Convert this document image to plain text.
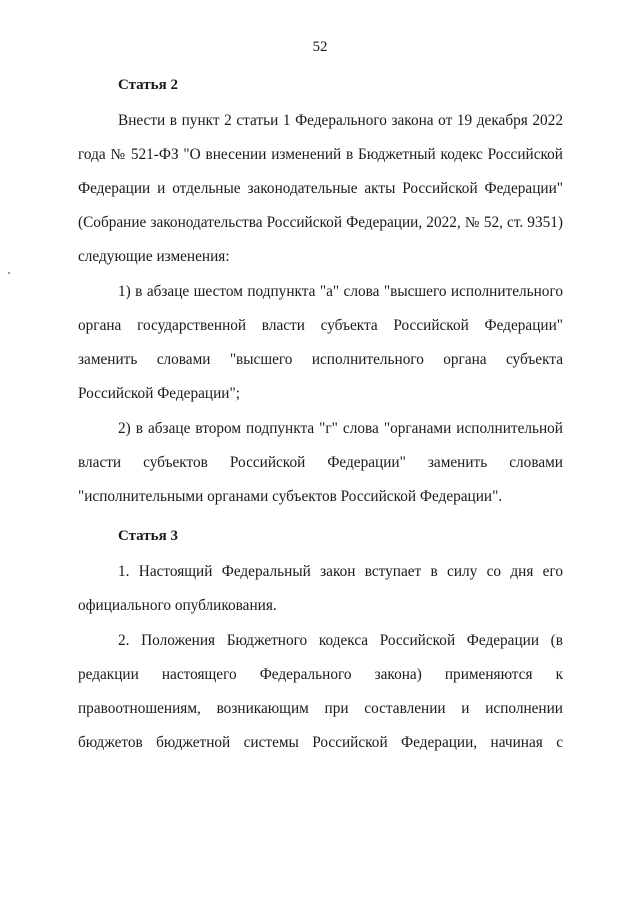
52
Статья 2

Внести в пункт 2 статьи 1 Федерального закона от 19 декабря 2022 года № 521-ФЗ "О внесении изменений в Бюджетный кодекс Российской Федерации и отдельные законодательные акты Российской Федерации" (Собрание законодательства Российской Федерации, 2022, № 52, ст. 9351) следующие изменения:

1) в абзаце шестом подпункта "а" слова "высшего исполнительного органа государственной власти субъекта Российской Федерации" заменить словами "высшего исполнительного органа субъекта Российской Федерации";

2) в абзаце втором подпункта "г" слова "органами исполнительной власти субъектов Российской Федерации" заменить словами "исполнительными органами субъектов Российской Федерации".

Статья 3

1. Настоящий Федеральный закон вступает в силу со дня его официального опубликования.

2. Положения Бюджетного кодекса Российской Федерации (в редакции настоящего Федерального закона) применяются к правоотношениям, возникающим при составлении и исполнении бюджетов бюджетной системы Российской Федерации, начиная с
